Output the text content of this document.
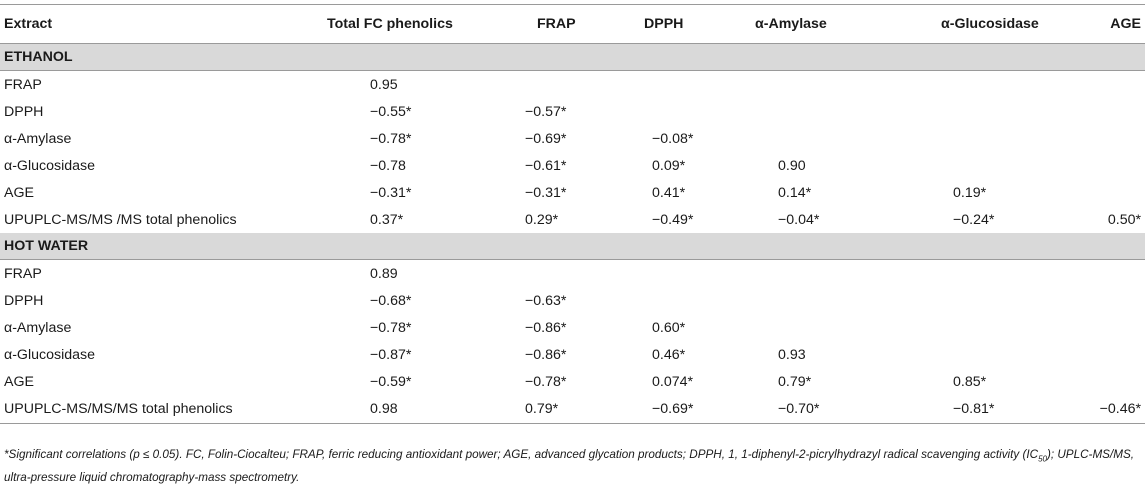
Extract	Total FC phenolics	FRAP	DPPH	α-Amylase	α-Glucosidase	AGE
ETHANOL						
FRAP	0.95					
DPPH	−0.55*	−0.57*				
α-Amylase	−0.78*	−0.69*	−0.08*			
α-Glucosidase	−0.78	−0.61*	0.09*	0.90		
AGE	−0.31*	−0.31*	0.41*	0.14*	0.19*	
UPUPLC-MS/MS /MS total phenolics	0.37*	0.29*	−0.49*	−0.04*	−0.24*	0.50*
HOT WATER						
FRAP	0.89					
DPPH	−0.68*	−0.63*				
α-Amylase	−0.78*	−0.86*	0.60*			
α-Glucosidase	−0.87*	−0.86*	0.46*	0.93		
AGE	−0.59*	−0.78*	0.074*	0.79*	0.85*	
UPUPLC-MS/MS/MS total phenolics	0.98	0.79*	−0.69*	−0.70*	−0.81*	−0.46*
*Significant correlations (p ≤ 0.05). FC, Folin-Ciocalteu; FRAP, ferric reducing antioxidant power; AGE, advanced glycation products; DPPH, 1, 1-diphenyl-2-picrylhydrazyl radical scavenging activity $(IC_{50})$; UPLC-MS/MS, ultra-pressure liquid chromatography-mass spectrometry.
